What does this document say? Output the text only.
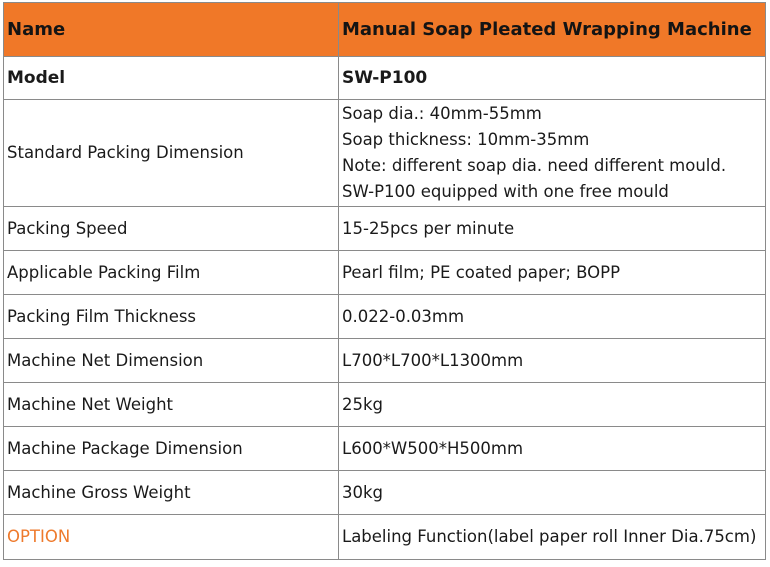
Name	Manual Soap Pleated Wrapping Machine
Model	SW-P100
Standard Packing Dimension	Soap dia.: 40mm-55mm
Soap thickness: 10mm-35mm
Note: different soap dia. need different mould.
SW-P100 equipped with one free mould

Packing Speed	15-25pcs per minute
Applicable Packing Film	Pearl film; PE coated paper; BOPP
Packing Film Thickness	0.022-0.03mm
Machine Net Dimension	L700*L700*L1300mm
Machine Net Weight	25kg
Machine Package Dimension	L600*W500*H500mm
Machine Gross Weight	30kg
OPTION	Labeling Function(label paper roll Inner Dia.75cm)
